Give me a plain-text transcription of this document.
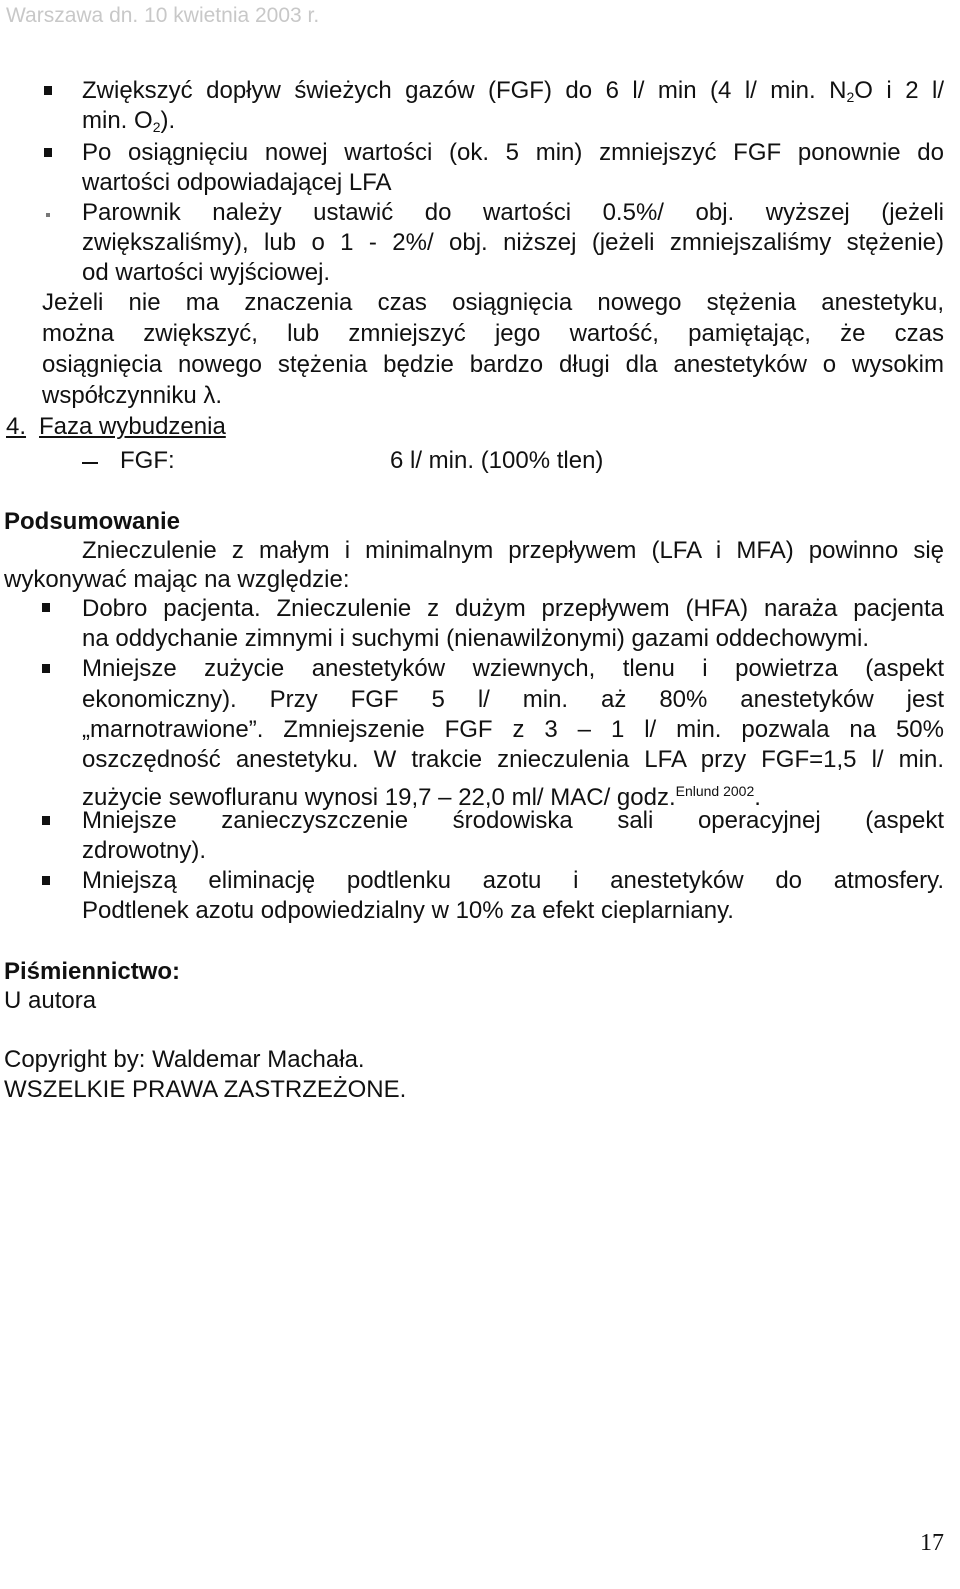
Warszawa dn. 10 kwietnia 2003 r.
Zwiększyć dopływ świeżych gazów (FGF) do 6 l/ min (4 l/ min. $N_2O$ i 2 l/
min. $O_2$).
Po osiągnięciu nowej wartości (ok. 5 min) zmniejszyć FGF ponownie do
wartości odpowiadającej LFA
Parownik należy ustawić do wartości 0.5%/ obj. wyższej (jeżeli
zwiększaliśmy), lub o 1 - 2%/ obj. niższej (jeżeli zmniejszaliśmy stężenie)
od wartości wyjściowej.
Jeżeli nie ma znaczenia czas osiągnięcia nowego stężenia anestetyku,
można zwiększyć, lub zmniejszyć jego wartość, pamiętając, że czas
osiągnięcia nowego stężenia będzie bardzo długi dla anestetyków o wysokim
współczynniku λ.
4. Faza wybudzenia
FGF:	6 l/ min. (100% tlen)
Podsumowanie
Znieczulenie z małym i minimalnym przepływem (LFA i MFA) powinno się
wykonywać mając na względzie:
Dobro pacjenta. Znieczulenie z dużym przepływem (HFA) naraża pacjenta
na oddychanie zimnymi i suchymi (nienawilżonymi) gazami oddechowymi.
Mniejsze zużycie anestetyków wziewnych, tlenu i powietrza (aspekt
ekonomiczny). Przy FGF 5 l/ min. aż 80% anestetyków jest
„marnotrawione”. Zmniejszenie FGF z 3 – 1 l/ min. pozwala na 50%
oszczędność anestetyku. W trakcie znieczulenia LFA przy FGF=1,5 l/ min.
zużycie sewofluranu wynosi 19,7 – 22,0 ml/ MAC/ godz.$^{Enlund 2002}$.
Mniejsze zanieczyszczenie środowiska sali operacyjnej (aspekt
zdrowotny).
Mniejszą eliminację podtlenku azotu i anestetyków do atmosfery.
Podtlenek azotu odpowiedzialny w 10% za efekt cieplarniany.
Piśmiennictwo:
U autora
Copyright by: Waldemar Machała.
WSZELKIE PRAWA ZASTRZEŻONE.
17
